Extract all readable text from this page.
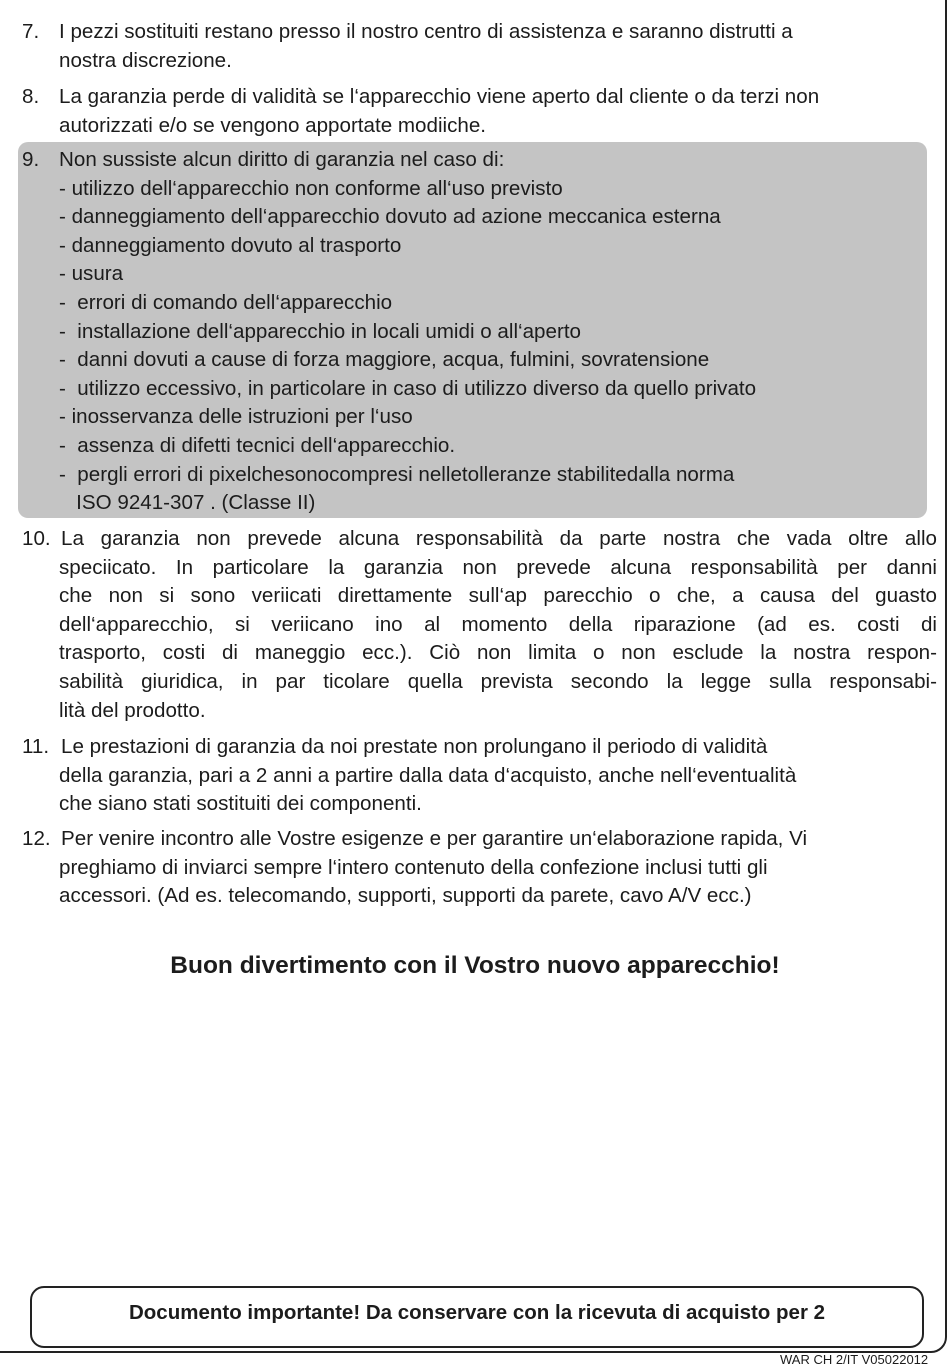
7. I pezzi sostituiti restano presso il nostro centro di assistenza e saranno distrutti a
nostra discrezione.
8. La garanzia perde di validità se l‘apparecchio viene aperto dal cliente o da terzi non
autorizzati e/o se vengono apportate modiiche.
9. Non sussiste alcun diritto di garanzia nel caso di:
- utilizzo dell‘apparecchio non conforme all‘uso previsto
- danneggiamento dell‘apparecchio dovuto ad azione meccanica esterna
- danneggiamento dovuto al trasporto
- usura
-  errori di comando dell‘apparecchio
-  installazione dell‘apparecchio in locali umidi o all‘aperto
-  danni dovuti a cause di forza maggiore, acqua, fulmini, sovratensione
-  utilizzo eccessivo, in particolare in caso di utilizzo diverso da quello privato
- inosservanza delle istruzioni per l‘uso
-  assenza di difetti tecnici dell‘apparecchio.
-  pergli errori di pixelchesonocompresi nelletolleranze stabilitedalla norma
ISO 9241-307 . (Classe II)
10. La garanzia non prevede alcuna responsabilità da parte nostra che vada oltre allo
speciicato. In particolare la garanzia non prevede alcuna responsabilità per danni
che non si sono veriicati direttamente sull‘ap parecchio o che, a causa del guasto
dell‘apparecchio, si veriicano ino al momento della riparazione (ad es. costi di
trasporto, costi di maneggio ecc.). Ciò non limita o non esclude la nostra respon-
sabilità giuridica, in par ticolare quella prevista secondo la legge sulla responsabi-
lità del prodotto.
11. Le prestazioni di garanzia da noi prestate non prolungano il periodo di validità
della garanzia, pari a 2 anni a partire dalla data d‘acquisto, anche nell‘eventualità
che siano stati sostituiti dei componenti.
12. Per venire incontro alle Vostre esigenze e per garantire un‘elaborazione rapida, Vi
preghiamo di inviarci sempre l‘intero contenuto della confezione inclusi tutti gli
accessori. (Ad es. telecomando, supporti, supporti da parete, cavo A/V ecc.)
Buon divertimento con il Vostro nuovo apparecchio!
Documento importante! Da conservare con la ricevuta di acquisto per 2
WAR CH 2/IT V05022012
